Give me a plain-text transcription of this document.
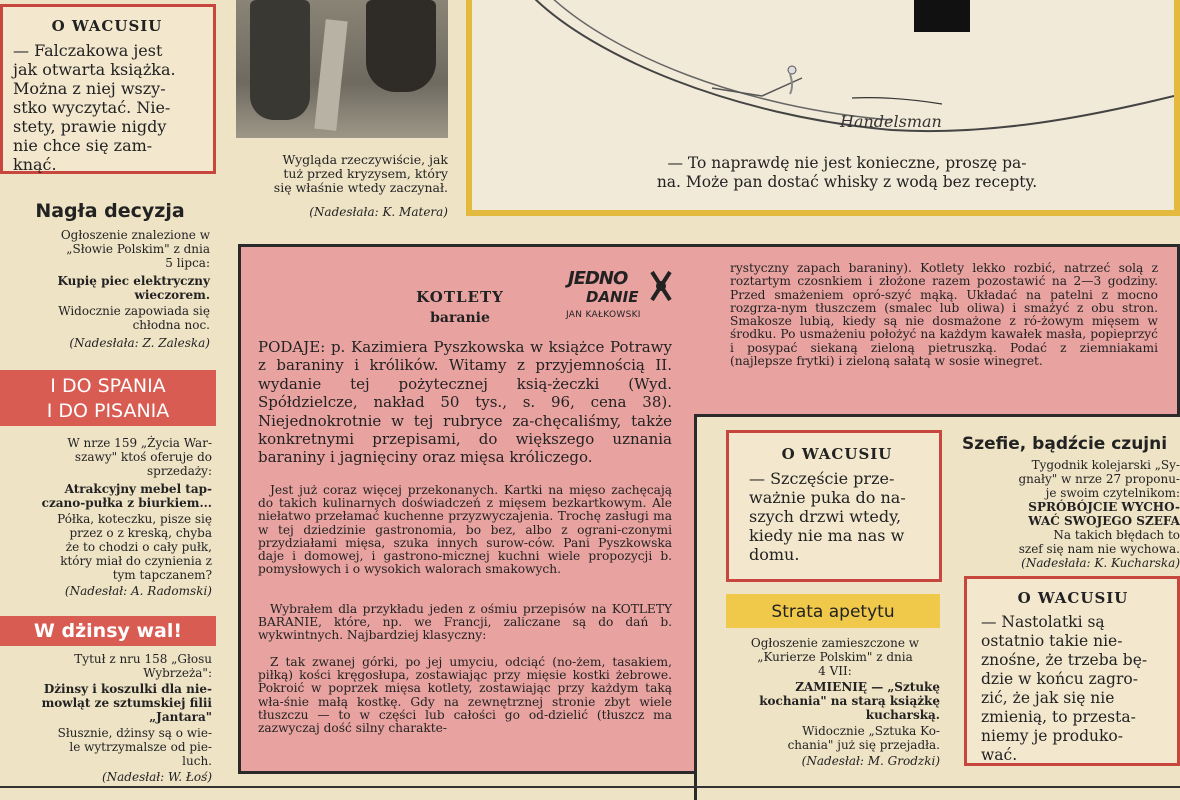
O WACUSIU
— Falczakowa jest
jak otwarta książka.
Można z niej wszy-
stko wyczytać. Nie-
stety, prawie nigdy
nie chce się zam-
knąć.	Wygląda rzeczywiście, jak
tuż przed kryzysem, który
się właśnie wtedy zaczynał.
(Nadesłała: K. Matera)
Handelsman
— To naprawdę nie jest konieczne, proszę pa-
na. Może pan dostać whisky z wodą bez recepty.
Nagła decyzja
Ogłoszenie znalezione w
„Słowie Polskim" z dnia
5 lipca:
Kupię piec elektryczny
wieczorem.
Widocznie zapowiada się
chłodna noc.
(Nadesłała: Z. Zaleska)
I DO SPANIA
I DO PISANIA
W nrze 159 „Życia War-
szawy" ktoś oferuje do
sprzedaży:
Atrakcyjny mebel tap-
czano-pułka z biurkiem...
Półka, koteczku, pisze się
przez o z kreską, chyba
że to chodzi o cały pułk,
który miał do czynienia z
tym tapczanem?
(Nadesłał: A. Radomski)
W dżinsy wal!
Tytuł z nru 158 „Głosu
Wybrzeża":
Dżinsy i koszulki dla nie-
mowląt ze sztumskiej filii
„Jantara"
Słusznie, dżinsy są o wie-
le wytrzymalsze od pie-
luch.
(Nadesłał: W. Łoś)
KOTLETY
baranie
JEDNO
DANIE
JAN KAŁKOWSKI
PODAJE: p. Kazimiera Pyszkowska w książce Potrawy z baraniny i królików. Witamy z przyjemnością II. wydanie tej pożytecznej ksią-żeczki (Wyd. Spółdzielcze, nakład 50 tys., s. 96, cena 38). Niejednokrotnie w tej rubryce za-chęcaliśmy, także konkretnymi przepisami, do większego uznania baraniny i jagnięciny oraz mięsa króliczego.
Jest już coraz więcej przekonanych. Kartki na mięso zachęcają do takich kulinarnych doświadczeń z mięsem bezkartkowym. Ale niełatwo przełamać kuchenne przyzwyczajenia. Trochę zasługi ma w tej dziedzinie gastronomia, bo bez, albo z ograni-czonymi przydziałami mięsa, szuka innych surow-ców. Pani Pyszkowska daje i domowej, i gastrono-micznej kuchni wiele propozycji b. pomysłowych i o wysokich walorach smakowych.
Wybrałem dla przykładu jeden z ośmiu przepisów na KOTLETY BARANIE, które, np. we Francji, zaliczane są do dań b. wykwintnych. Najbardziej klasyczny:
Z tak zwanej górki, po jej umyciu, odciąć (no-żem, tasakiem, piłką) kości kręgosłupa, zostawiając przy mięsie kostki żebrowe. Pokroić w poprzek mięsa kotlety, zostawiając przy każdym taką wła-śnie małą kostkę. Gdy na zewnętrznej stronie zbyt wiele tłuszczu — to w części lub całości go od-dzielić (tłuszcz ma zazwyczaj dość silny charakte-
rystyczny zapach baraniny). Kotlety lekko rozbić, natrzeć solą z roztartym czosnkiem i złożone razem pozostawić na 2—3 godziny. Przed smażeniem opró-szyć mąką. Układać na patelni z mocno rozgrza-nym tłuszczem (smalec lub oliwa) i smażyć z obu stron. Smakosze lubią, kiedy są nie dosmażone z ró-żowym mięsem w środku. Po usmażeniu położyć na każdym kawałek masła, popieprzyć i posypać siekaną zieloną pietruszką. Podać z ziemniakami (najlepsze frytki) i zieloną sałatą w sosie winegret.
O WACUSIU
— Szczęście prze-
ważnie puka do na-
szych drzwi wtedy,
kiedy nie ma nas w
domu.
Strata apetytu
Ogłoszenie zamieszczone w
„Kurierze Polskim" z dnia
4 VII:
ZAMIENIĘ — „Sztukę
kochania" na starą książkę
kucharską.
Widocznie „Sztuka Ko-
chania" już się przejadła.
(Nadesłał: M. Grodzki)
Szefie, bądźcie czujni
Tygodnik kolejarski „Sy-
gnały" w nrze 27 proponu-
je swoim czytelnikom:
SPRÓBÓJCIE WYCHO-
WAĆ SWOJEGO SZEFA
Na takich błędach to
szef się nam nie wychowa.
(Nadesłała: K. Kucharska)
O WACUSIU
— Nastolatki są
ostatnio takie nie-
znośne, że trzeba bę-
dzie w końcu zagro-
zić, że jak się nie
zmienią, to przesta-
niemy je produko-
wać.
